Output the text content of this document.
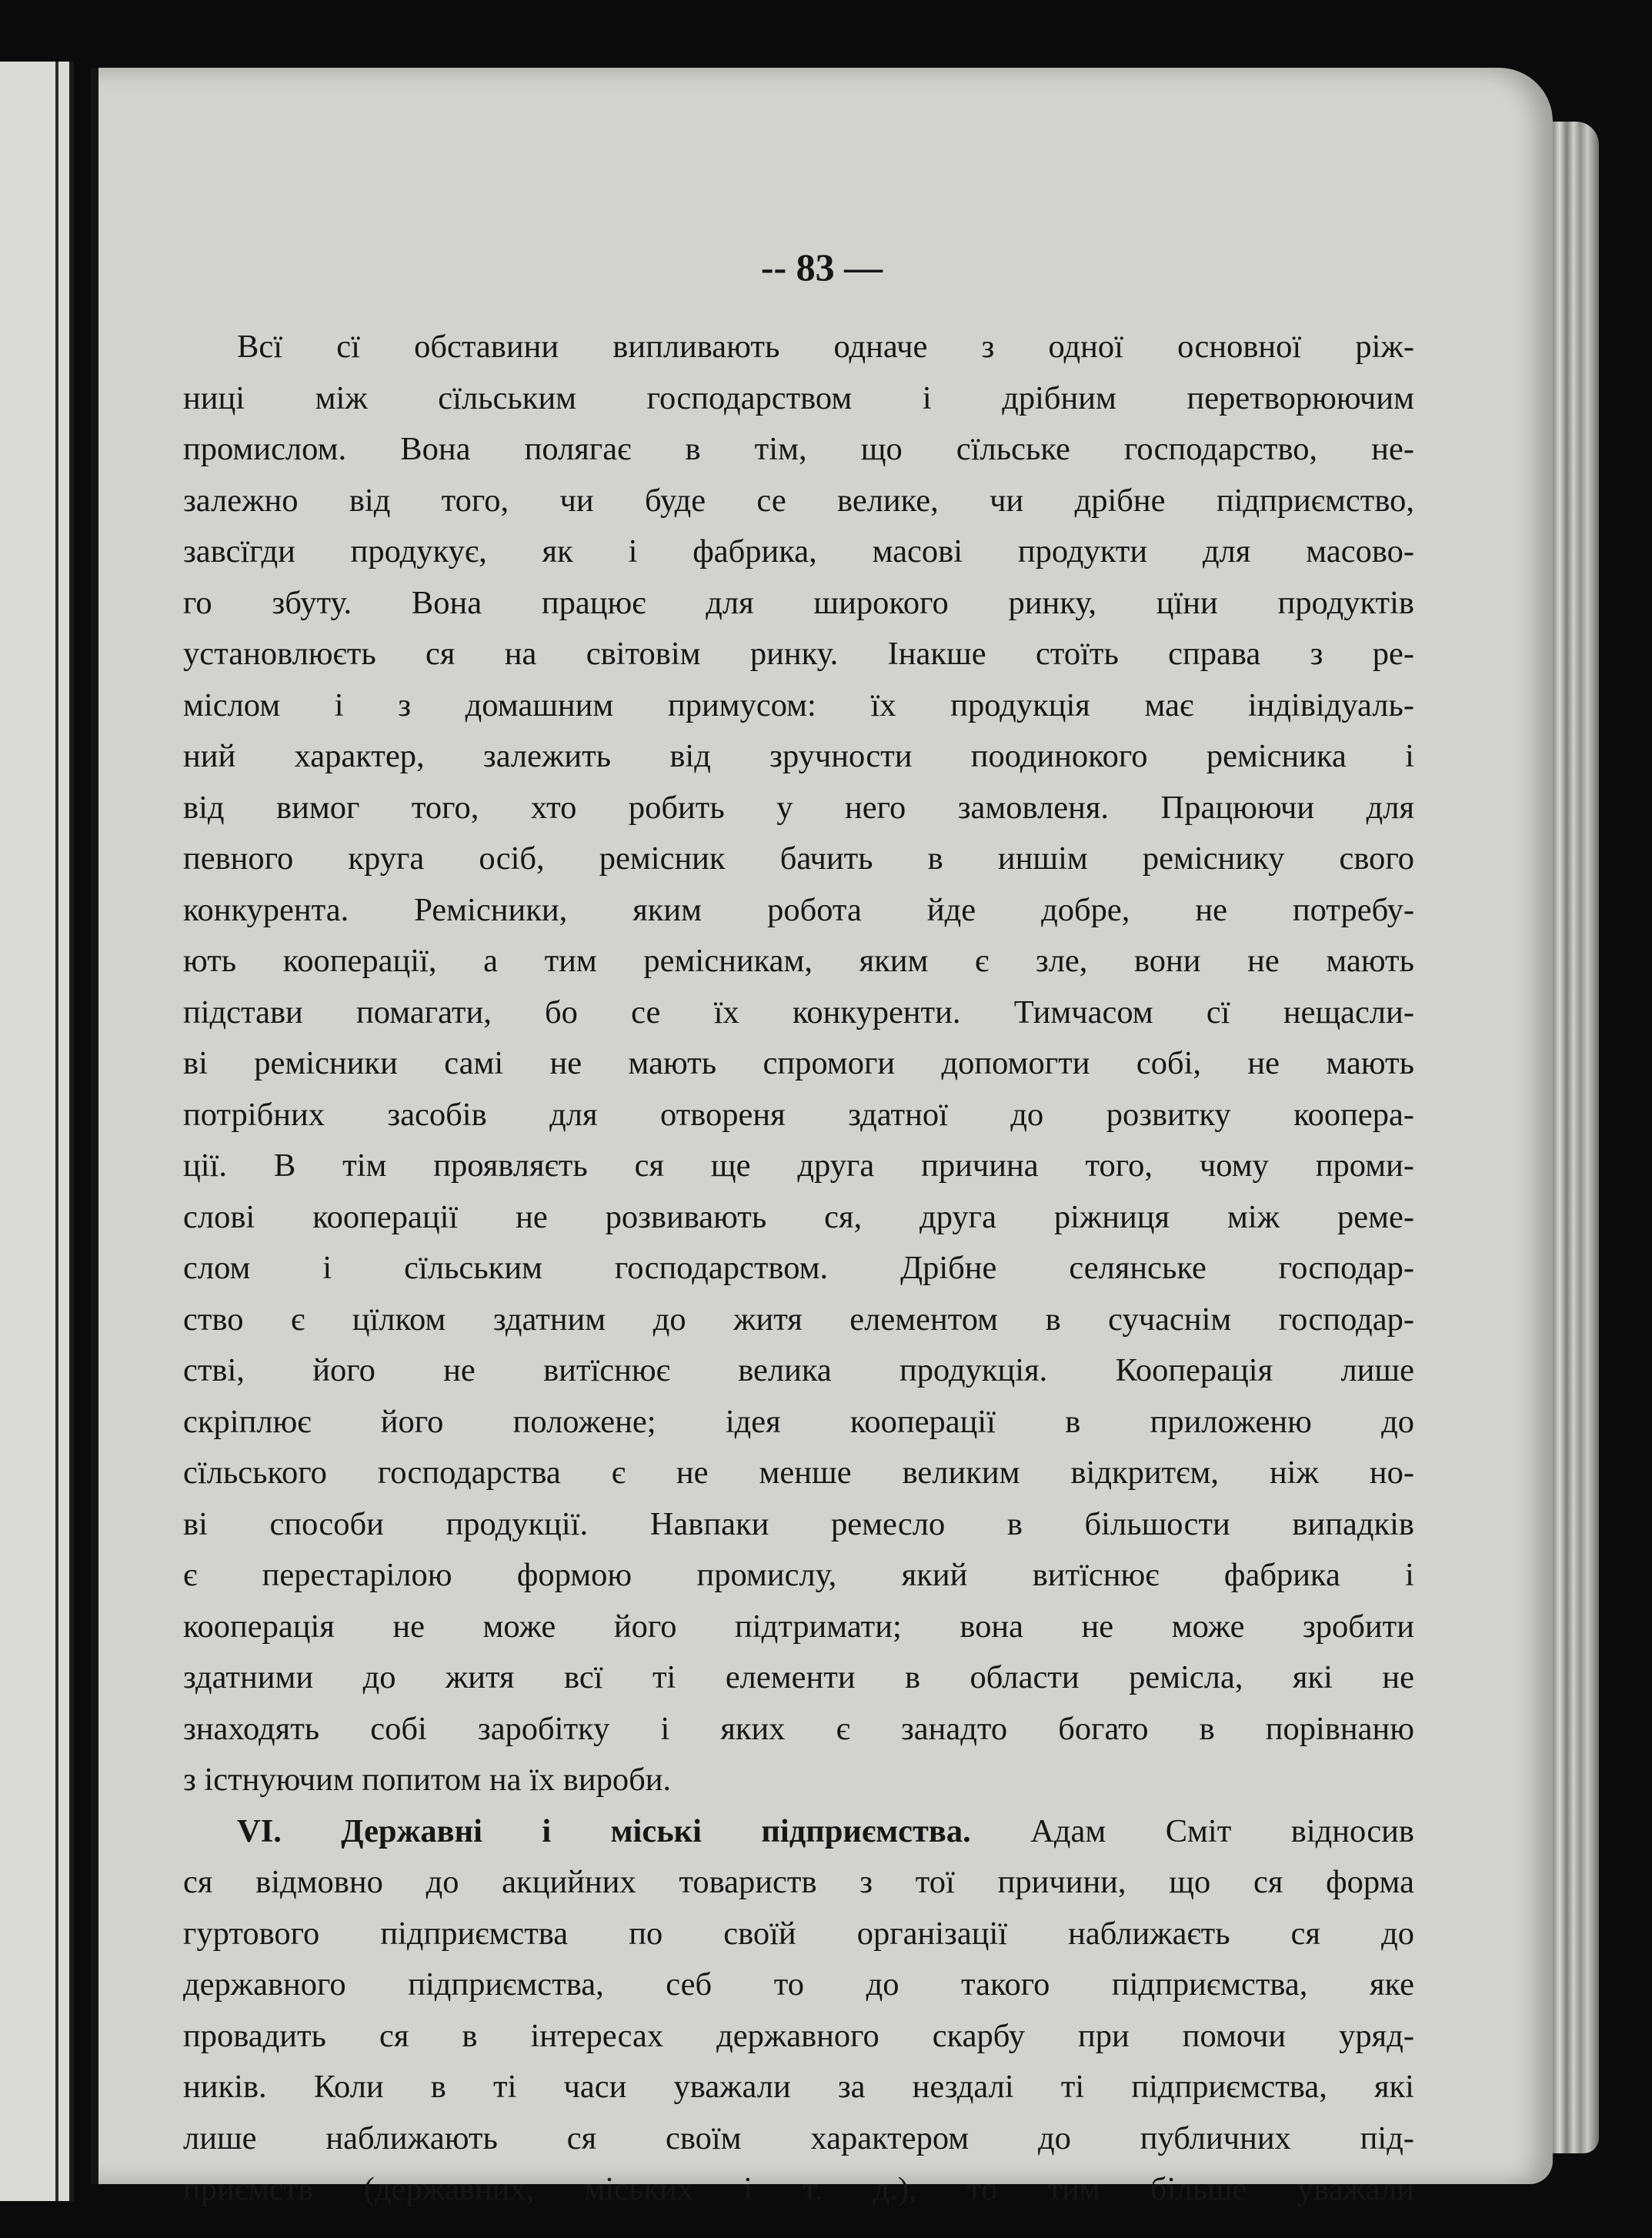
-- 83 —
Всї сї обставини випливають одначе з одної основної ріж-
ниці між сїльським господарством і дрібним перетворюючим
промислом. Вона полягає в тім, що сїльське господарство, не-
залежно від того, чи буде се велике, чи дрібне підприємство,
завсїгди продукує, як і фабрика, масові продукти для масово-
го збуту. Вона працює для широкого ринку, цїни продуктів
установлюєть ся на світовім ринку. Інакше стоїть справа з ре-
міслом і з домашним примусом: їх продукція має індівідуаль-
ний характер, залежить від зручности поодинокого ремісника і
від вимог того, хто робить у него замовленя. Працюючи для
певного круга осіб, ремісник бачить в иншім реміснику свого
конкурента. Ремісники, яким робота йде добре, не потребу-
ють кооперації, а тим ремісникам, яким є зле, вони не мають
підстави помагати, бо се їх конкуренти. Тимчасом сї нещасли-
ві ремісники самі не мають спромоги допомогти собі, не мають
потрібних засобів для отвореня здатної до розвитку коопера-
ції. В тім проявляєть ся ще друга причина того, чому проми-
слові кооперації не розвивають ся, друга ріжниця між реме-
слом і сїльським господарством. Дрібне селянське господар-
ство є цїлком здатним до житя елементом в сучаснім господар-
стві, його не витїснює велика продукція. Кооперація лише
скріплює його положене; ідея кооперації в приложеню до
сїльського господарства є не менше великим відкритєм, ніж но-
ві способи продукції. Навпаки ремесло в більшости випадків
є перестарілою формою промислу, який витїснює фабрика і
кооперація не може його підтримати; вона не може зробити
здатними до житя всї ті елементи в области ремісла, які не
знаходять собі заробітку і яких є занадто богато в порівнаню
з істнуючим попитом на їх вироби.
VI. Державні і міські підприємства. Адам Сміт відносив
ся відмовно до акцийних товариств з тої причини, що ся форма
гуртового підприємства по своїй організації наближаєть ся до
державного підприємства, себ то до такого підприємства, яке
провадить ся в інтересах державного скарбу при помочи уряд-
ників. Коли в ті часи уважали за нездалі ті підприємства, які
лише наближають ся своїм характером до публичних під-
приємств (державних, міських і т. д.), то тим більше уважали
